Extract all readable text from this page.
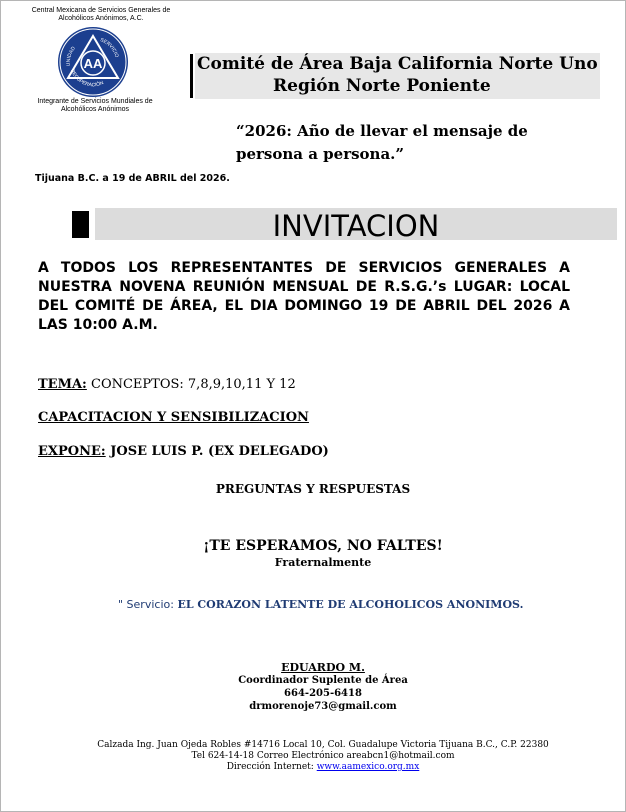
Central Mexicana de Servicios Generales de Alcohólicos Anónimos, A.C.
AA
UNIDAD
SERVICIO
RECUPERACIÓN
Integrante de Servicios Mundiales de Alcohólicos Anónimos
Comité de Área Baja California Norte Uno
Región Norte Poniente
“2026: Año de llevar el mensaje de persona a persona.”
Tijuana B.C. a 19 de ABRIL del 2026.
INVITACION
A TODOS LOS REPRESENTANTES DE SERVICIOS GENERALES A NUESTRA NOVENA REUNIÓN MENSUAL DE R.S.G.’s LUGAR: LOCAL DEL COMITÉ DE ÁREA, EL DIA DOMINGO 19 DE ABRIL DEL 2026 A LAS 10:00 A.M.
TEMA: CONCEPTOS: 7,8,9,10,11 Y 12
CAPACITACION Y SENSIBILIZACION
EXPONE: JOSE LUIS P. (EX DELEGADO)
PREGUNTAS Y RESPUESTAS
¡TE ESPERAMOS, NO FALTES!
Fraternalmente
" Servicio: EL CORAZON LATENTE DE ALCOHOLICOS ANONIMOS.
EDUARDO M.
Coordinador Suplente de Área
664-205-6418
drmorenoje73@gmail.com
Calzada Ing. Juan Ojeda Robles #14716 Local 10, Col. Guadalupe Victoria Tijuana B.C., C.P. 22380
Tel 624-14-18 Correo Electrónico areabcn1@hotmail.com
Dirección Internet: www.aamexico.org.mx
